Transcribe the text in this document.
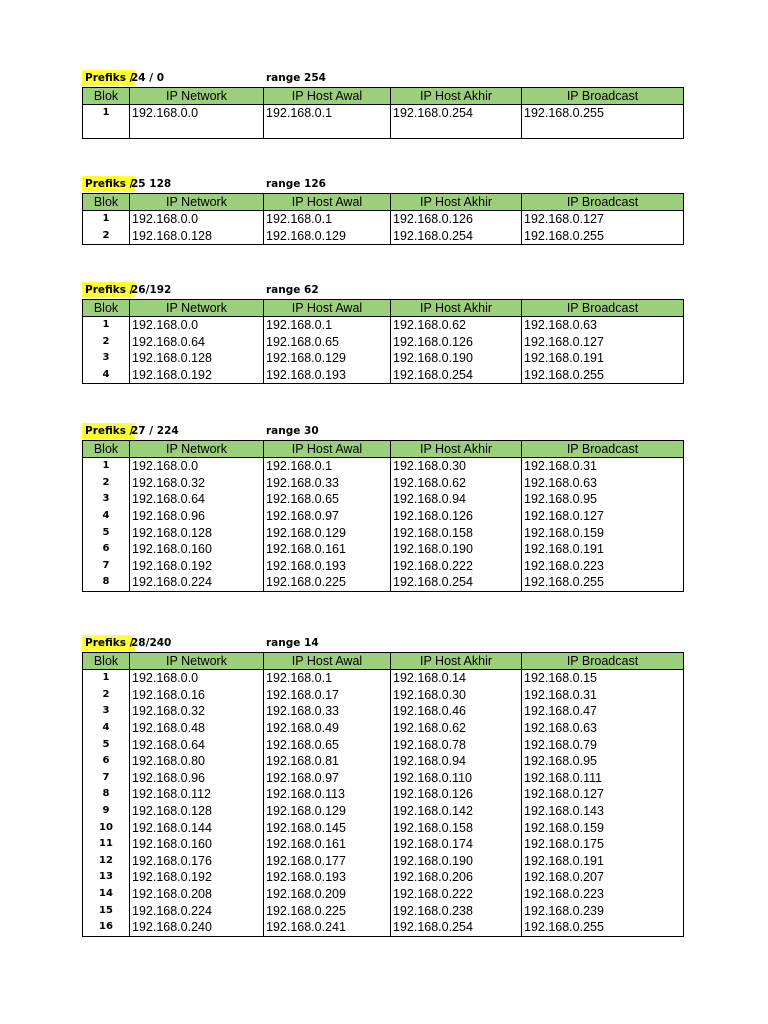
Prefiks /
24 / 0	range 254
Blok	IP Network	IP Host Awal	IP Host Akhir	IP Broadcast
1	192.168.0.0	192.168.0.1	192.168.0.254	192.168.0.255
Prefiks /
25 128	range 126
Blok	IP Network	IP Host Awal	IP Host Akhir	IP Broadcast
1	192.168.0.0	192.168.0.1	192.168.0.126	192.168.0.127
2	192.168.0.128	192.168.0.129	192.168.0.254	192.168.0.255
Prefiks /
26/192	range 62
Blok	IP Network	IP Host Awal	IP Host Akhir	IP Broadcast
1	192.168.0.0	192.168.0.1	192.168.0.62	192.168.0.63
2	192.168.0.64	192.168.0.65	192.168.0.126	192.168.0.127
3	192.168.0.128	192.168.0.129	192.168.0.190	192.168.0.191
4	192.168.0.192	192.168.0.193	192.168.0.254	192.168.0.255
Prefiks /
27 / 224	range 30
Blok	IP Network	IP Host Awal	IP Host Akhir	IP Broadcast
1	192.168.0.0	192.168.0.1	192.168.0.30	192.168.0.31
2	192.168.0.32	192.168.0.33	192.168.0.62	192.168.0.63
3	192.168.0.64	192.168.0.65	192.168.0.94	192.168.0.95
4	192.168.0.96	192.168.0.97	192.168.0.126	192.168.0.127
5	192.168.0.128	192.168.0.129	192.168.0.158	192.168.0.159
6	192.168.0.160	192.168.0.161	192.168.0.190	192.168.0.191
7	192.168.0.192	192.168.0.193	192.168.0.222	192.168.0.223
8	192.168.0.224	192.168.0.225	192.168.0.254	192.168.0.255
Prefiks /
28/240	range 14
Blok	IP Network	IP Host Awal	IP Host Akhir	IP Broadcast
1	192.168.0.0	192.168.0.1	192.168.0.14	192.168.0.15
2	192.168.0.16	192.168.0.17	192.168.0.30	192.168.0.31
3	192.168.0.32	192.168.0.33	192.168.0.46	192.168.0.47
4	192.168.0.48	192.168.0.49	192.168.0.62	192.168.0.63
5	192.168.0.64	192.168.0.65	192.168.0.78	192.168.0.79
6	192.168.0.80	192.168.0.81	192.168.0.94	192.168.0.95
7	192.168.0.96	192.168.0.97	192.168.0.110	192.168.0.111
8	192.168.0.112	192.168.0.113	192.168.0.126	192.168.0.127
9	192.168.0.128	192.168.0.129	192.168.0.142	192.168.0.143
10	192.168.0.144	192.168.0.145	192.168.0.158	192.168.0.159
11	192.168.0.160	192.168.0.161	192.168.0.174	192.168.0.175
12	192.168.0.176	192.168.0.177	192.168.0.190	192.168.0.191
13	192.168.0.192	192.168.0.193	192.168.0.206	192.168.0.207
14	192.168.0.208	192.168.0.209	192.168.0.222	192.168.0.223
15	192.168.0.224	192.168.0.225	192.168.0.238	192.168.0.239
16	192.168.0.240	192.168.0.241	192.168.0.254	192.168.0.255
